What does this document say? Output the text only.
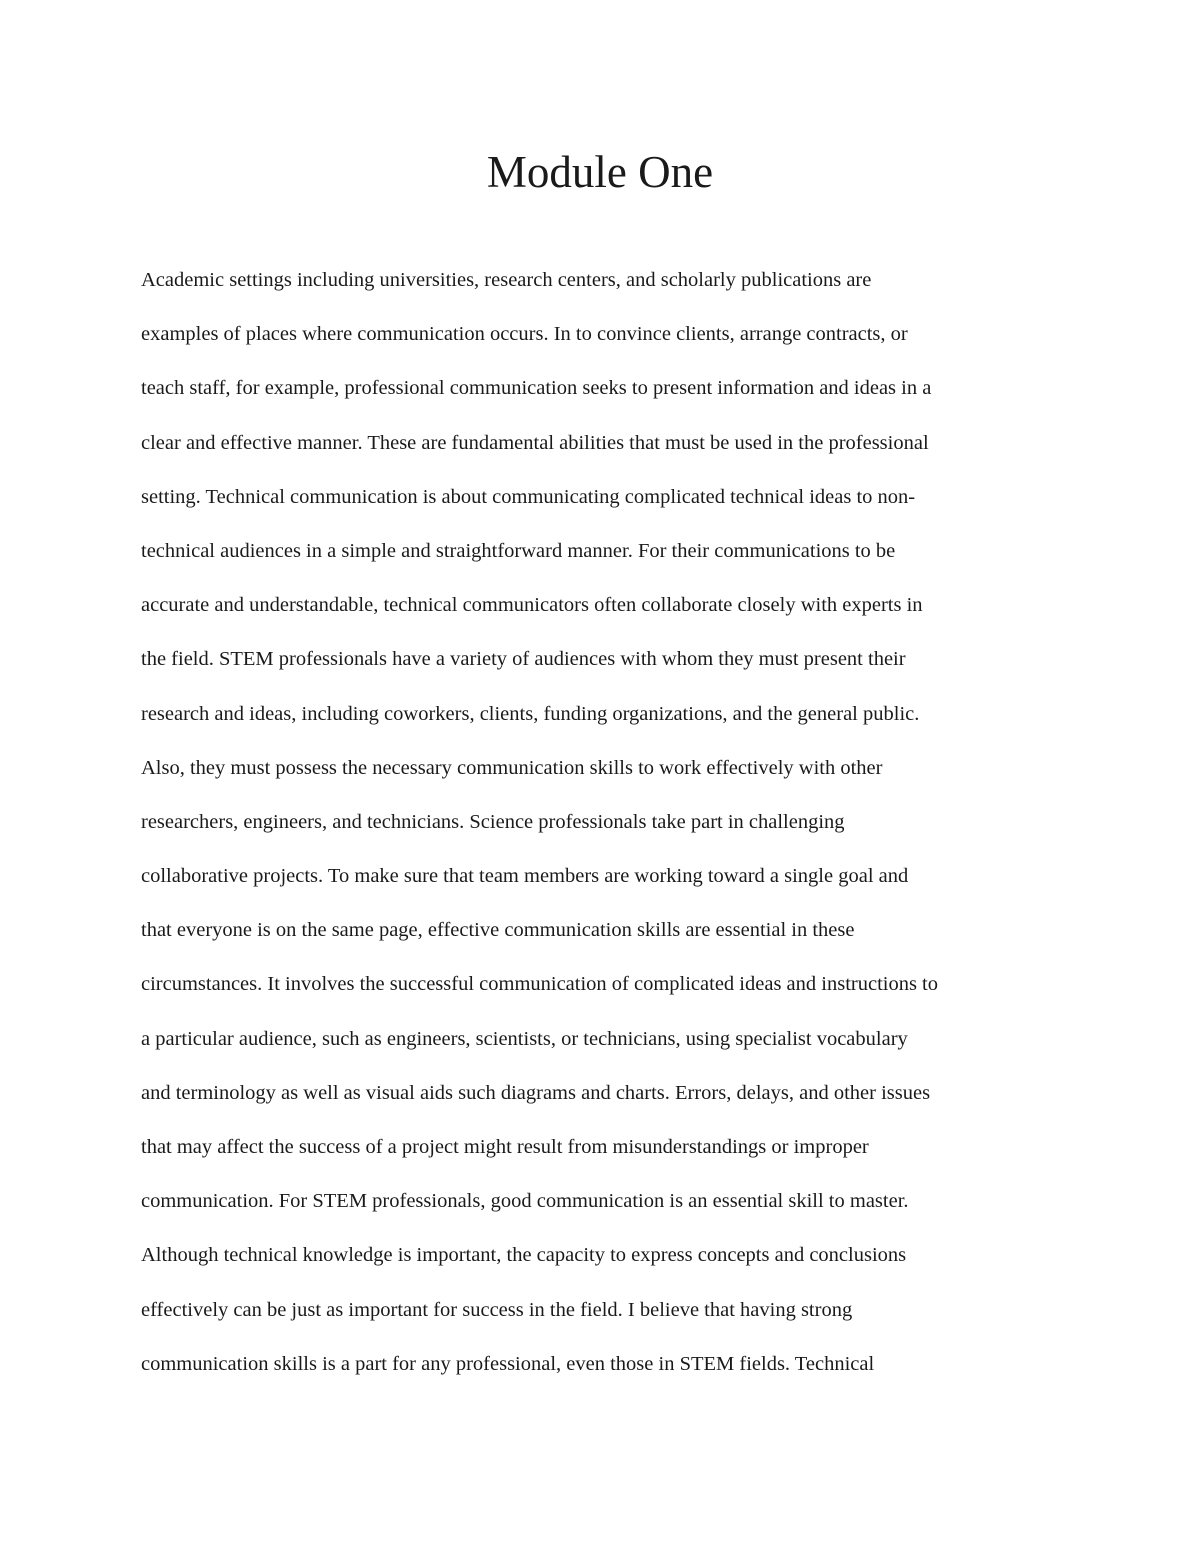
Module One
Academic settings including universities, research centers, and scholarly publications are
examples of places where communication occurs. In to convince clients, arrange contracts, or
teach staff, for example, professional communication seeks to present information and ideas in a
clear and effective manner. These are fundamental abilities that must be used in the professional
setting. Technical communication is about communicating complicated technical ideas to non-
technical audiences in a simple and straightforward manner. For their communications to be
accurate and understandable, technical communicators often collaborate closely with experts in
the field. STEM professionals have a variety of audiences with whom they must present their
research and ideas, including coworkers, clients, funding organizations, and the general public.
Also, they must possess the necessary communication skills to work effectively with other
researchers, engineers, and technicians. Science professionals take part in challenging
collaborative projects. To make sure that team members are working toward a single goal and
that everyone is on the same page, effective communication skills are essential in these
circumstances. It involves the successful communication of complicated ideas and instructions to
a particular audience, such as engineers, scientists, or technicians, using specialist vocabulary
and terminology as well as visual aids such diagrams and charts. Errors, delays, and other issues
that may affect the success of a project might result from misunderstandings or improper
communication. For STEM professionals, good communication is an essential skill to master.
Although technical knowledge is important, the capacity to express concepts and conclusions
effectively can be just as important for success in the field. I believe that having strong
communication skills is a part for any professional, even those in STEM fields. Technical
